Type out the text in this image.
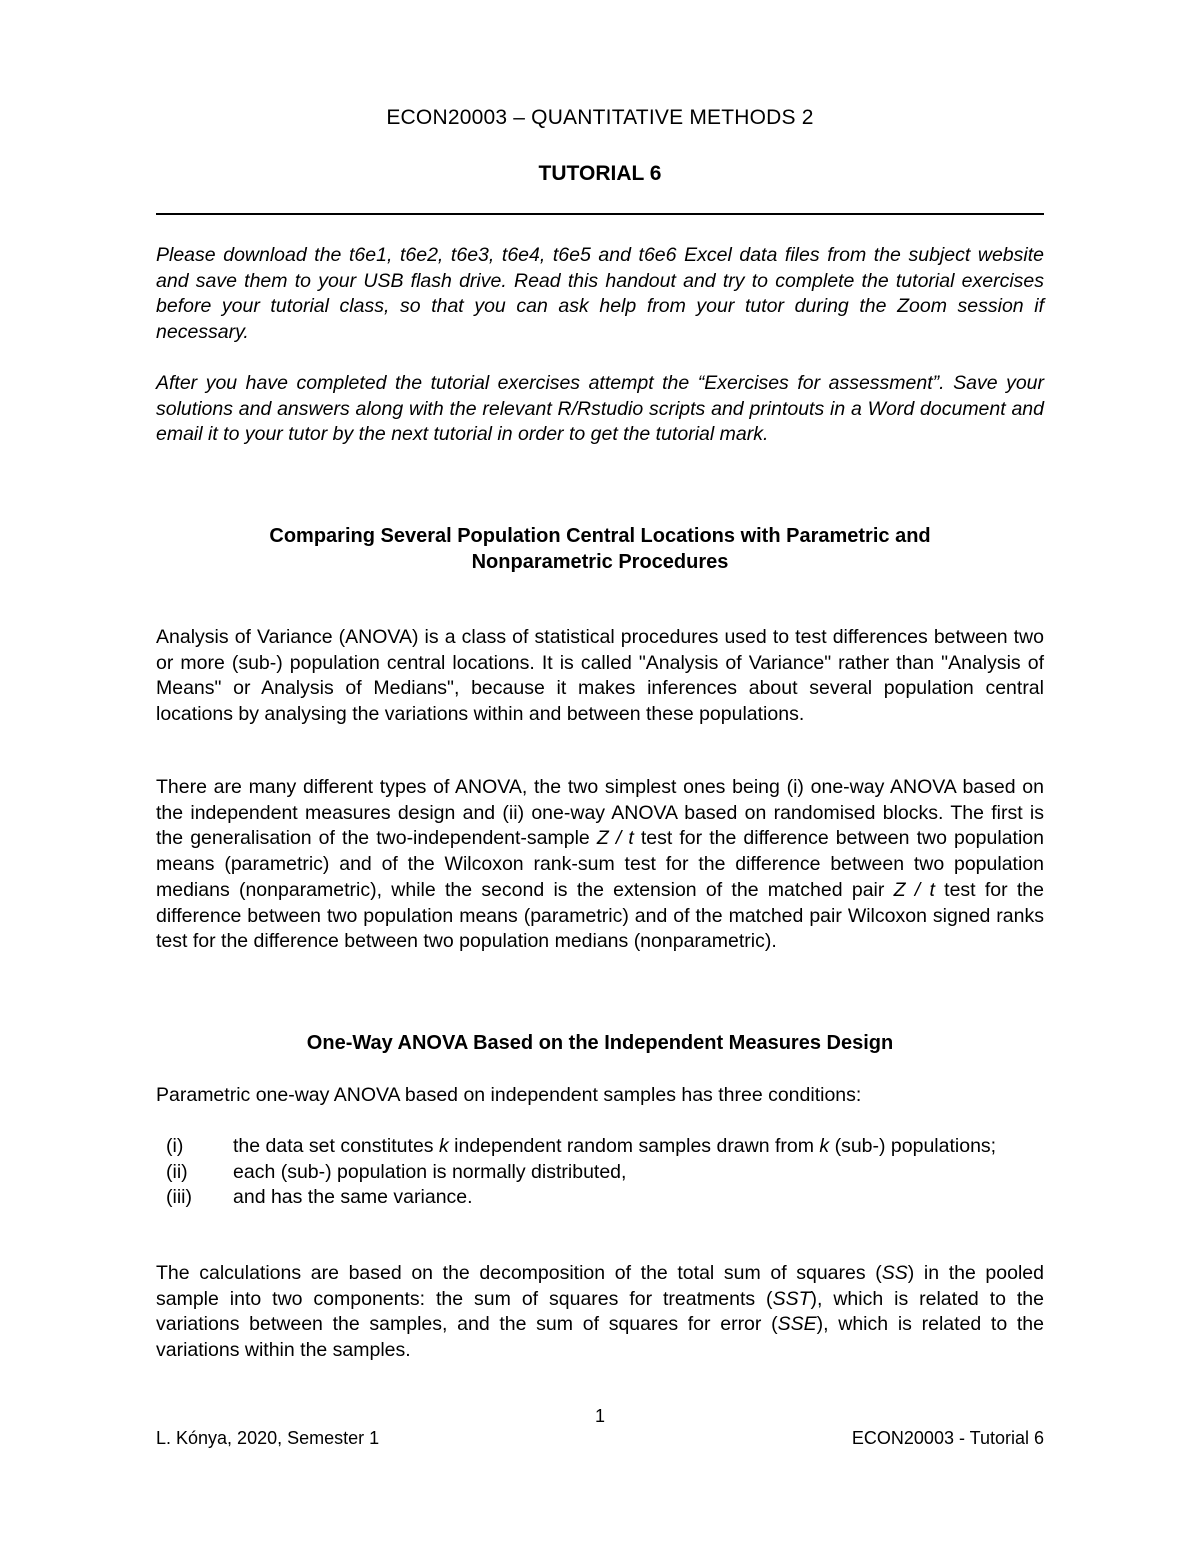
ECON20003 – QUANTITATIVE METHODS 2
TUTORIAL 6

Please download the t6e1, t6e2, t6e3, t6e4, t6e5 and t6e6 Excel data files from the subject website and save them to your USB flash drive. Read this handout and try to complete the tutorial exercises before your tutorial class, so that you can ask help from your tutor during the Zoom session if necessary.

After you have completed the tutorial exercises attempt the “Exercises for assessment”. Save your solutions and answers along with the relevant R/Rstudio scripts and printouts in a Word document and email it to your tutor by the next tutorial in order to get the tutorial mark.

Comparing Several Population Central Locations with Parametric and
Nonparametric Procedures

Analysis of Variance (ANOVA) is a class of statistical procedures used to test differences between two or more (sub-) population central locations. It is called "Analysis of Variance" rather than "Analysis of Means" or Analysis of Medians", because it makes inferences about several population central locations by analysing the variations within and between these populations.

There are many different types of ANOVA, the two simplest ones being (i) one-way ANOVA based on the independent measures design and (ii) one-way ANOVA based on randomised blocks. The first is the generalisation of the two-independent-sample Z / t test for the difference between two population means (parametric) and of the Wilcoxon rank-sum test for the difference between two population medians (nonparametric), while the second is the extension of the matched pair Z / t test for the difference between two population means (parametric) and of the matched pair Wilcoxon signed ranks test for the difference between two population medians (nonparametric).

One-Way ANOVA Based on the Independent Measures Design

Parametric one-way ANOVA based on independent samples has three conditions:

(i)	the data set constitutes k independent random samples drawn from k (sub-) populations;
(ii) each (sub-) population is normally distributed,
(iii) and has the same variance.

The calculations are based on the decomposition of the total sum of squares (SS) in the pooled sample into two components: the sum of squares for treatments (SST), which is related to the variations between the samples, and the sum of squares for error (SSE), which is related to the variations within the samples.

1
L. Kónya, 2020, Semester 1	ECON20003 - Tutorial 6
